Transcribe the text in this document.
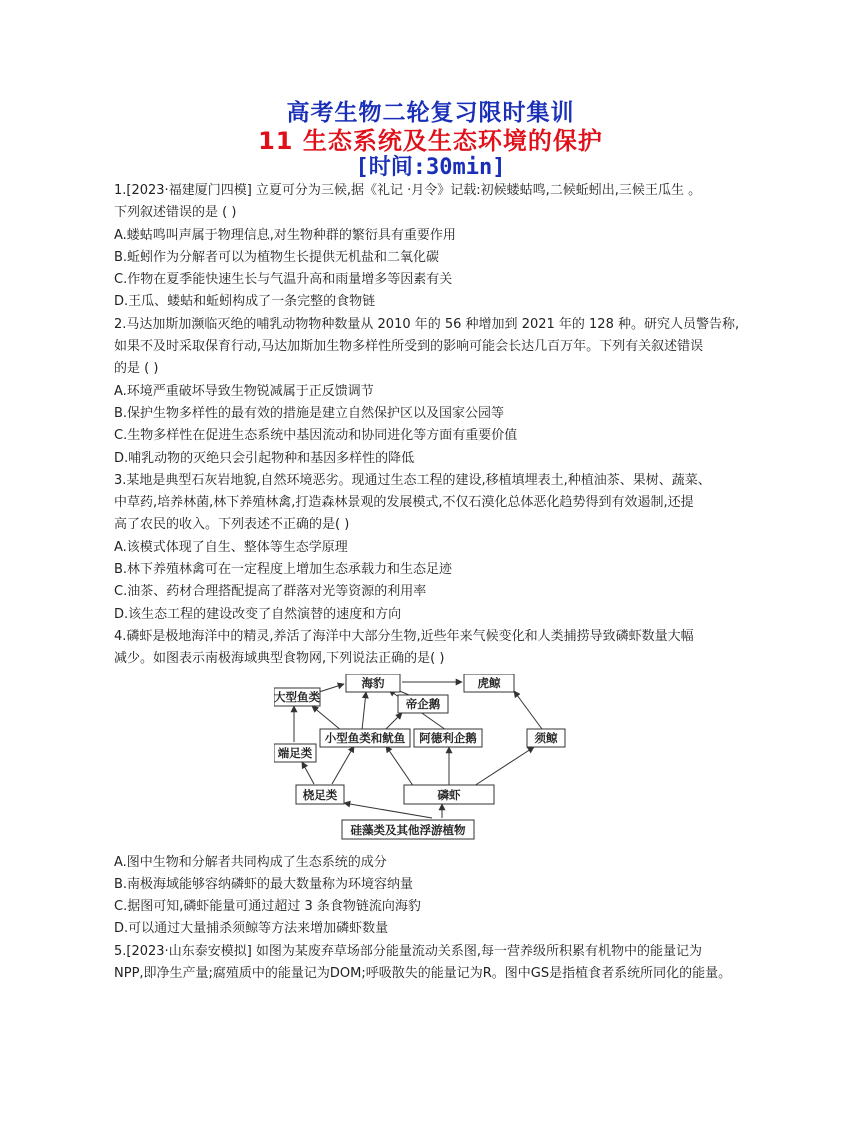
高考生物二轮复习限时集训
11 生态系统及生态环境的保护
[时间:30min]

1.[2023·福建厦门四模] 立夏可分为三候,据《礼记 ·月令》记载:初候蝼蛄鸣,二候蚯蚓出,三候王瓜生 。

下列叙述错误的是 ( )

A.蝼蛄鸣叫声属于物理信息,对生物种群的繁衍具有重要作用

B.蚯蚓作为分解者可以为植物生长提供无机盐和二氧化碳

C.作物在夏季能快速生长与气温升高和雨量增多等因素有关

D.王瓜、蝼蛄和蚯蚓构成了一条完整的食物链

2.马达加斯加濒临灭绝的哺乳动物物种数量从 2010 年的 56 种增加到 2021 年的 128 种。研究人员警告称,

如果不及时采取保育行动,马达加斯加生物多样性所受到的影响可能会长达几百万年。下列有关叙述错误

的是 ( )

A.环境严重破坏导致生物锐减属于正反馈调节

B.保护生物多样性的最有效的措施是建立自然保护区以及国家公园等

C.生物多样性在促进生态系统中基因流动和协同进化等方面有重要价值

D.哺乳动物的灭绝只会引起物种和基因多样性的降低

3.某地是典型石灰岩地貌,自然环境恶劣。现通过生态工程的建设,移植填埋表土,种植油茶、果树、蔬菜、

中草药,培养林菌,林下养殖林禽,打造森林景观的发展模式,不仅石漠化总体恶化趋势得到有效遏制,还提

高了农民的收入。下列表述不正确的是( )

A.该模式体现了自生、整体等生态学原理

B.林下养殖林禽可在一定程度上增加生态承载力和生态足迹

C.油茶、药材合理搭配提高了群落对光等资源的利用率

D.该生态工程的建设改变了自然演替的速度和方向

4.磷虾是极地海洋中的精灵,养活了海洋中大部分生物,近些年来气候变化和人类捕捞导致磷虾数量大幅

减少。如图表示南极海域典型食物网,下列说法正确的是( )

海豹	虎鲸
大型鱼类	帝企鹅
小型鱼类和鱿鱼 阿德利企鹅	须鲸
端足类
桡足类	磷虾
硅藻类及其他浮游植物

A.图中生物和分解者共同构成了生态系统的成分

B.南极海域能够容纳磷虾的最大数量称为环境容纳量

C.据图可知,磷虾能量可通过超过 3 条食物链流向海豹

D.可以通过大量捕杀须鲸等方法来增加磷虾数量

5.[2023·山东泰安模拟] 如图为某废弃草场部分能量流动关系图,每一营养级所积累有机物中的能量记为

NPP,即净生产量;腐殖质中的能量记为DOM;呼吸散失的能量记为R。图中GS是指植食者系统所同化的能量。
